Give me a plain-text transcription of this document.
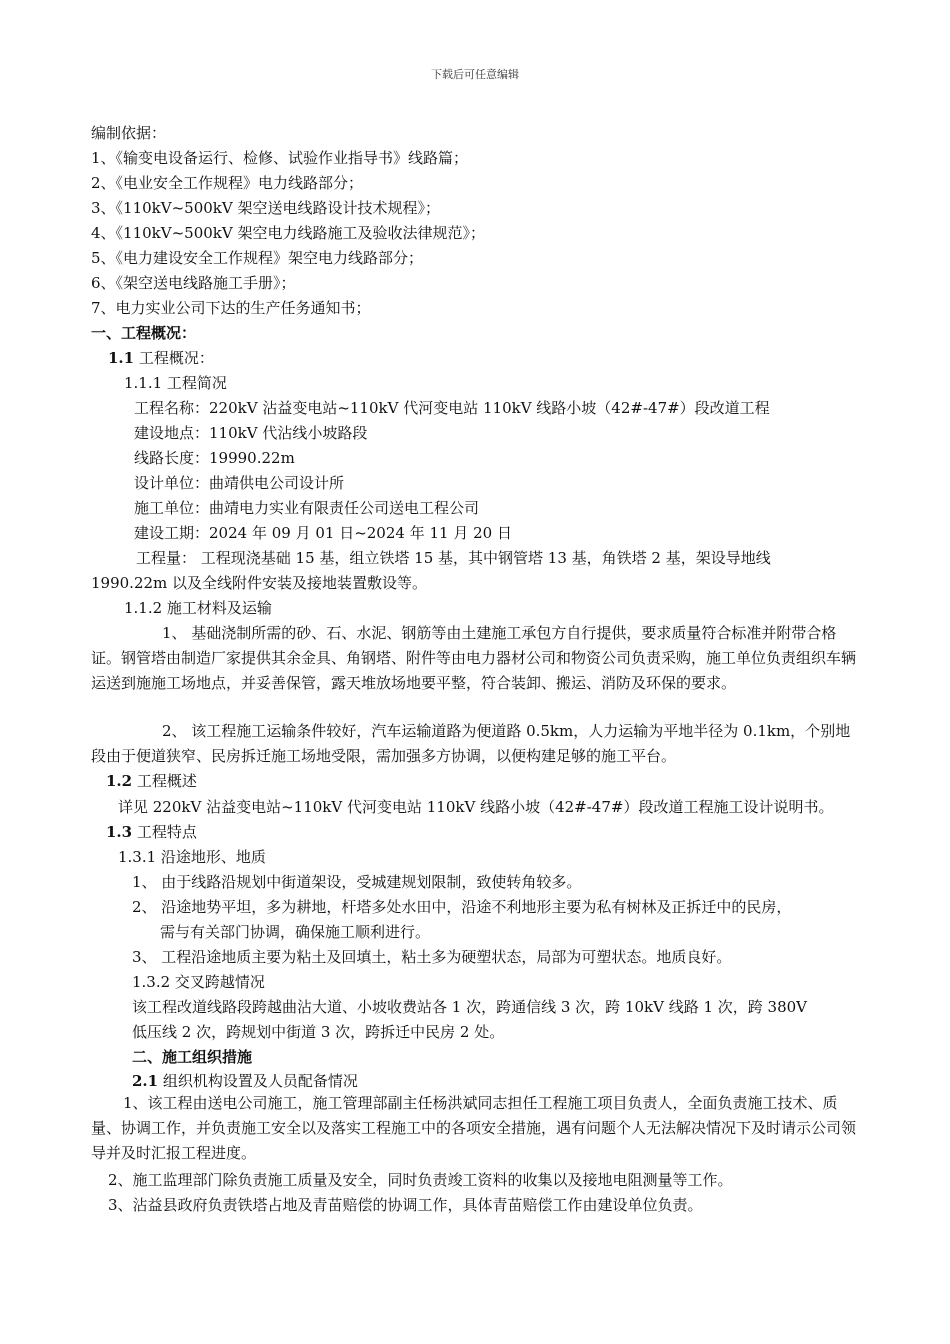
下载后可任意编辑
编制依据：
1、《输变电设备运行、检修、试验作业指导书》线路篇；
2、《电业安全工作规程》电力线路部分；
3、《110kV~500kV 架空送电线路设计技术规程》；
4、《110kV~500kV 架空电力线路施工及验收法律规范》；
5、《电力建设安全工作规程》架空电力线路部分；
6、《架空送电线路施工手册》；
7、电力实业公司下达的生产任务通知书；
一、工程概况：
1.1 工程概况：
1.1.1 工程简况
工程名称：220kV 沾益变电站~110kV 代河变电站 110kV 线路小坡（42#-47#）段改道工程
建设地点：110kV 代沾线小坡路段
线路长度：19990.22m
设计单位：曲靖供电公司设计所
施工单位：曲靖电力实业有限责任公司送电工程公司
建设工期：2024 年 09 月 01 日~2024 年 11 月 20 日
工程量： 工程现浇基础 15 基，组立铁塔 15 基，其中钢管塔 13 基，角铁塔 2 基，架设导地线
1990.22m 以及全线附件安装及接地装置敷设等。
1.1.2 施工材料及运输
1、 基础浇制所需的砂、石、水泥、钢筋等由土建施工承包方自行提供，要求质量符合标准并附带合格证。钢管塔由制造厂家提供其余金具、角钢塔、附件等由电力器材公司和物资公司负责采购，施工单位负责组织车辆运送到施施工场地点，并妥善保管，露天堆放场地要平整，符合装卸、搬运、消防及环保的要求。
2、 该工程施工运输条件较好，汽车运输道路为便道路 0.5km，人力运输为平地半径为 0.1km，个别地段由于便道狭窄、民房拆迁施工场地受限，需加强多方协调，以便构建足够的施工平台。
1.2 工程概述
详见 220kV 沾益变电站~110kV 代河变电站 110kV 线路小坡（42#-47#）段改道工程施工设计说明书。
1.3 工程特点
1.3.1 沿途地形、地质
1、 由于线路沿规划中街道架设，受城建规划限制，致使转角较多。
2、 沿途地势平坦，多为耕地，杆塔多处水田中，沿途不利地形主要为私有树林及正拆迁中的民房，
需与有关部门协调，确保施工顺利进行。
3、 工程沿途地质主要为粘土及回填土，粘土多为硬塑状态，局部为可塑状态。地质良好。
1.3.2 交叉跨越情况
该工程改道线路段跨越曲沾大道、小坡收费站各 1 次，跨通信线 3 次，跨 10kV 线路 1 次，跨 380V
低压线 2 次，跨规划中街道 3 次，跨拆迁中民房 2 处。
二、施工组织措施
2.1 组织机构设置及人员配备情况
1、该工程由送电公司施工，施工管理部副主任杨洪斌同志担任工程施工项目负责人，全面负责施工技术、质量、协调工作，并负责施工安全以及落实工程施工中的各项安全措施，遇有问题个人无法解决情况下及时请示公司领导并及时汇报工程进度。
2、施工监理部门除负责施工质量及安全，同时负责竣工资料的收集以及接地电阻测量等工作。
3、沾益县政府负责铁塔占地及青苗赔偿的协调工作，具体青苗赔偿工作由建设单位负责。
